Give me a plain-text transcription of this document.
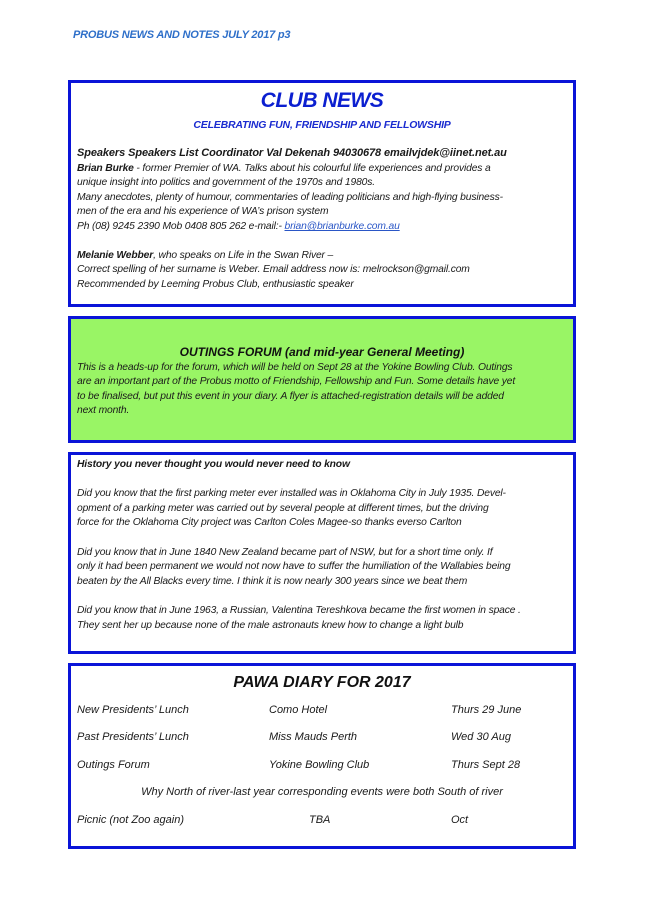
PROBUS NEWS AND NOTES JULY 2017 p3
CLUB NEWS
CELEBRATING FUN, FRIENDSHIP AND FELLOWSHIP
Speakers Speakers List Coordinator Val Dekenah 94030678 emailvjdek@iinet.net.au
Brian Burke - former Premier of WA. Talks about his colourful life experiences and provides a
unique insight into politics and government of the 1970s and 1980s.
Many anecdotes, plenty of humour, commentaries of leading politicians and high-flying business-
men of the era and his experience of WA’s prison system
Ph (08) 9245 2390 Mob 0408 805 262 e-mail:- brian@brianburke.com.au
Melanie Webber, who speaks on Life in the Swan River –
Correct spelling of her surname is Weber. Email address now is: melrockson@gmail.com
Recommended by Leeming Probus Club, enthusiastic speaker
OUTINGS FORUM (and mid-year General Meeting)
This is a heads-up for the forum, which will be held on Sept 28 at the Yokine Bowling Club. Outings
are an important part of the Probus motto of Friendship, Fellowship and Fun. Some details have yet
to be finalised, but put this event in your diary. A flyer is attached-registration details will be added
next month.
History you never thought you would never need to know
Did you know that the first parking meter ever installed was in Oklahoma City in July 1935. Devel-
opment of a parking meter was carried out by several people at different times, but the driving
force for the Oklahoma City project was Carlton Coles Magee-so thanks everso Carlton
Did you know that in June 1840 New Zealand became part of NSW, but for a short time only. If
only it had been permanent we would not now have to suffer the humiliation of the Wallabies being
beaten by the All Blacks every time. I think it is now nearly 300 years since we beat them
Did you know that in June 1963, a Russian, Valentina Tereshkova became the first women in space .
They sent her up because none of the male astronauts knew how to change a light bulb
PAWA DIARY FOR 2017
New Presidents’ Lunch	Como Hotel	Thurs 29 June
Past Presidents’ Lunch	Miss Mauds Perth	Wed 30 Aug
Outings Forum	Yokine Bowling Club	Thurs Sept 28
Why North of river-last year corresponding events were both South of river
Picnic (not Zoo again)	TBA	Oct
